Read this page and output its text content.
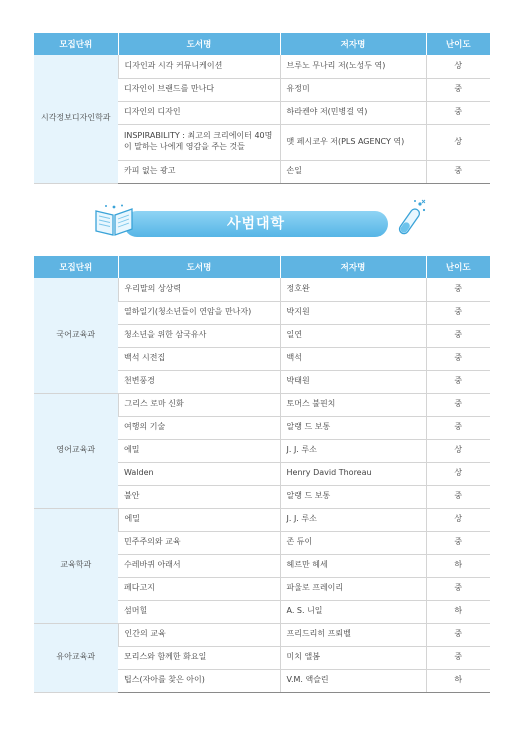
모집단위	도서명	저자명	난이도
시각정보디자인학과	디자인과 시각 커뮤니케이션	브루노 무나리 저(노성두 역)	상
	디자인이 브랜드를 만나다	유정미	중
	디자인의 디자인	하라켄야 저(민병걸 역)	중
	INSPIRABILITY : 최고의 크리에이터 40명이 말하는 나에게 영감을 주는 것들	맷 페시코우 저(PLS AGENCY 역)	상
	카피 없는 광고	손일	중
사범대학
모집단위	도서명	저자명	난이도
국어교육과	우리말의 상상력	정호완	중
	열하일기(청소년들이 연암을 만나자)	박지원	중
	청소년을 위한 삼국유사	일연	중
	백석 시전집	백석	중
	천변풍경	박태원	중
영어교육과	그리스 로마 신화	토머스 불핀치	중
	여행의 기술	알랭 드 보통	중
	에밀	J. J. 루소	상
	Walden	Henry David Thoreau	상
	불안	알랭 드 보통	중
교육학과	에밀	J. J. 루소	상
	민주주의와 교육	존 듀이	중
	수레바퀴 아래서	헤르만 헤세	하
	페다고지	파울로 프레이리	중
	섬머힐	A. S. 니일	하
유아교육과	인간의 교육	프리드리히 프뢰벨	중
	모리스와 함께한 화요일	미치 앨봄	중
	팁스(자아를 찾은 아이)	V.M. 액슬린	하
